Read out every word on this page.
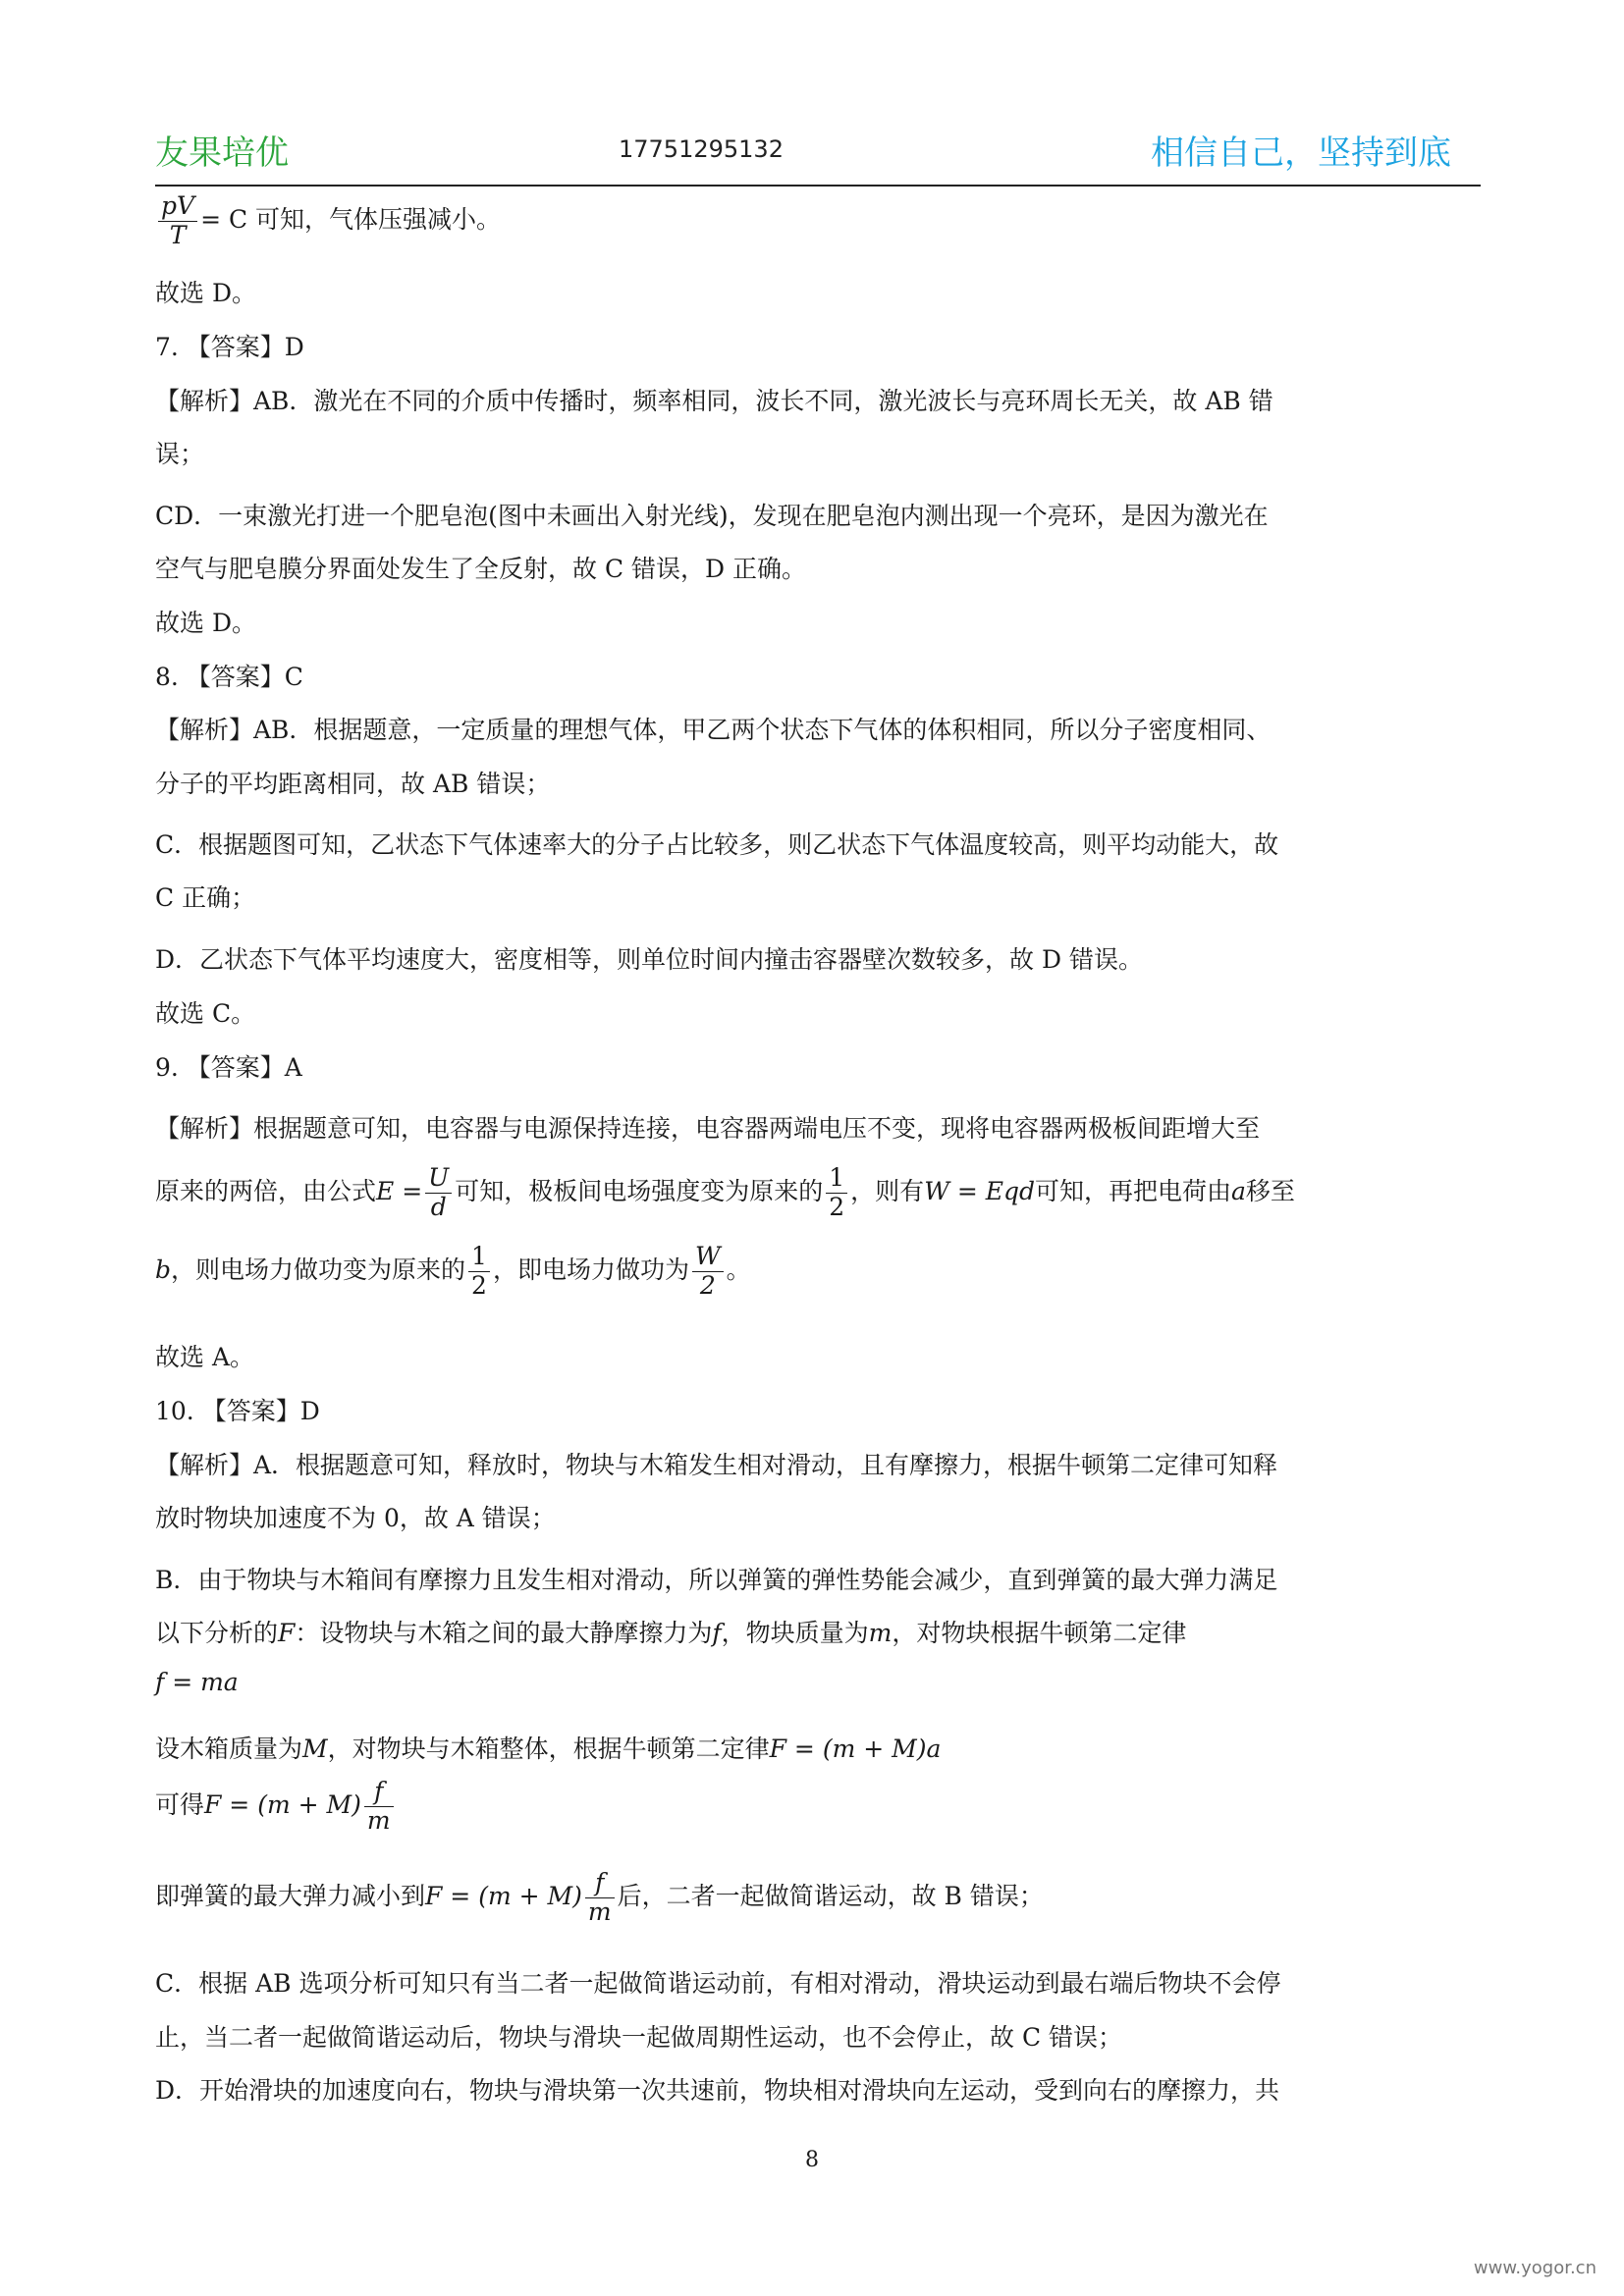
友果培优	17751295132	相信自己，坚持到底
$\frac{pV}{T} = C$ 可知，气体压强减小。
故选 D。
7. 【答案】D
【解析】AB．激光在不同的介质中传播时，频率相同，波长不同，激光波长与亮环周长无关，故 AB 错
误；
CD．一束激光打进一个肥皂泡(图中未画出入射光线)，发现在肥皂泡内测出现一个亮环，是因为激光在
空气与肥皂膜分界面处发生了全反射，故 C 错误，D 正确。
故选 D。
8. 【答案】C
【解析】AB．根据题意，一定质量的理想气体，甲乙两个状态下气体的体积相同，所以分子密度相同、
分子的平均距离相同，故 AB 错误；
C．根据题图可知，乙状态下气体速率大的分子占比较多，则乙状态下气体温度较高，则平均动能大，故
C 正确；
D．乙状态下气体平均速度大，密度相等，则单位时间内撞击容器壁次数较多，故 D 错误。
故选 C。
9. 【答案】A
【解析】根据题意可知，电容器与电源保持连接，电容器两端电压不变，现将电容器两极板间距增大至
原来的两倍，由公式$E = \frac{U}{d}$ 可知，极板间电场强度变为原来的 $\frac{1}{2}$ ，则有W = Eqd可知，再把电荷由a移至
b，则电场力做功变为原来的 $\frac{1}{2}$ ，即电场力做功为 $\frac{W}{2}$ 。
故选 A。
10. 【答案】D
【解析】A．根据题意可知，释放时，物块与木箱发生相对滑动，且有摩擦力，根据牛顿第二定律可知释
放时物块加速度不为 0，故 A 错误；
B．由于物块与木箱间有摩擦力且发生相对滑动，所以弹簧的弹性势能会减少，直到弹簧的最大弹力满足
以下分析的F：设物块与木箱之间的最大静摩擦力为f，物块质量为m，对物块根据牛顿第二定律
f = ma
设木箱质量为M，对物块与木箱整体，根据牛顿第二定律F = (m + M)a
可得$F = (m + M) \frac{f}{m}$
即弹簧的最大弹力减小到$F = (m + M) \frac{f}{m}$ 后，二者一起做简谐运动，故 B 错误；
C．根据 AB 选项分析可知只有当二者一起做简谐运动前，有相对滑动，滑块运动到最右端后物块不会停
止，当二者一起做简谐运动后，物块与滑块一起做周期性运动，也不会停止，故 C 错误；
D．开始滑块的加速度向右，物块与滑块第一次共速前，物块相对滑块向左运动，受到向右的摩擦力，共
8
www.yogor.cn
